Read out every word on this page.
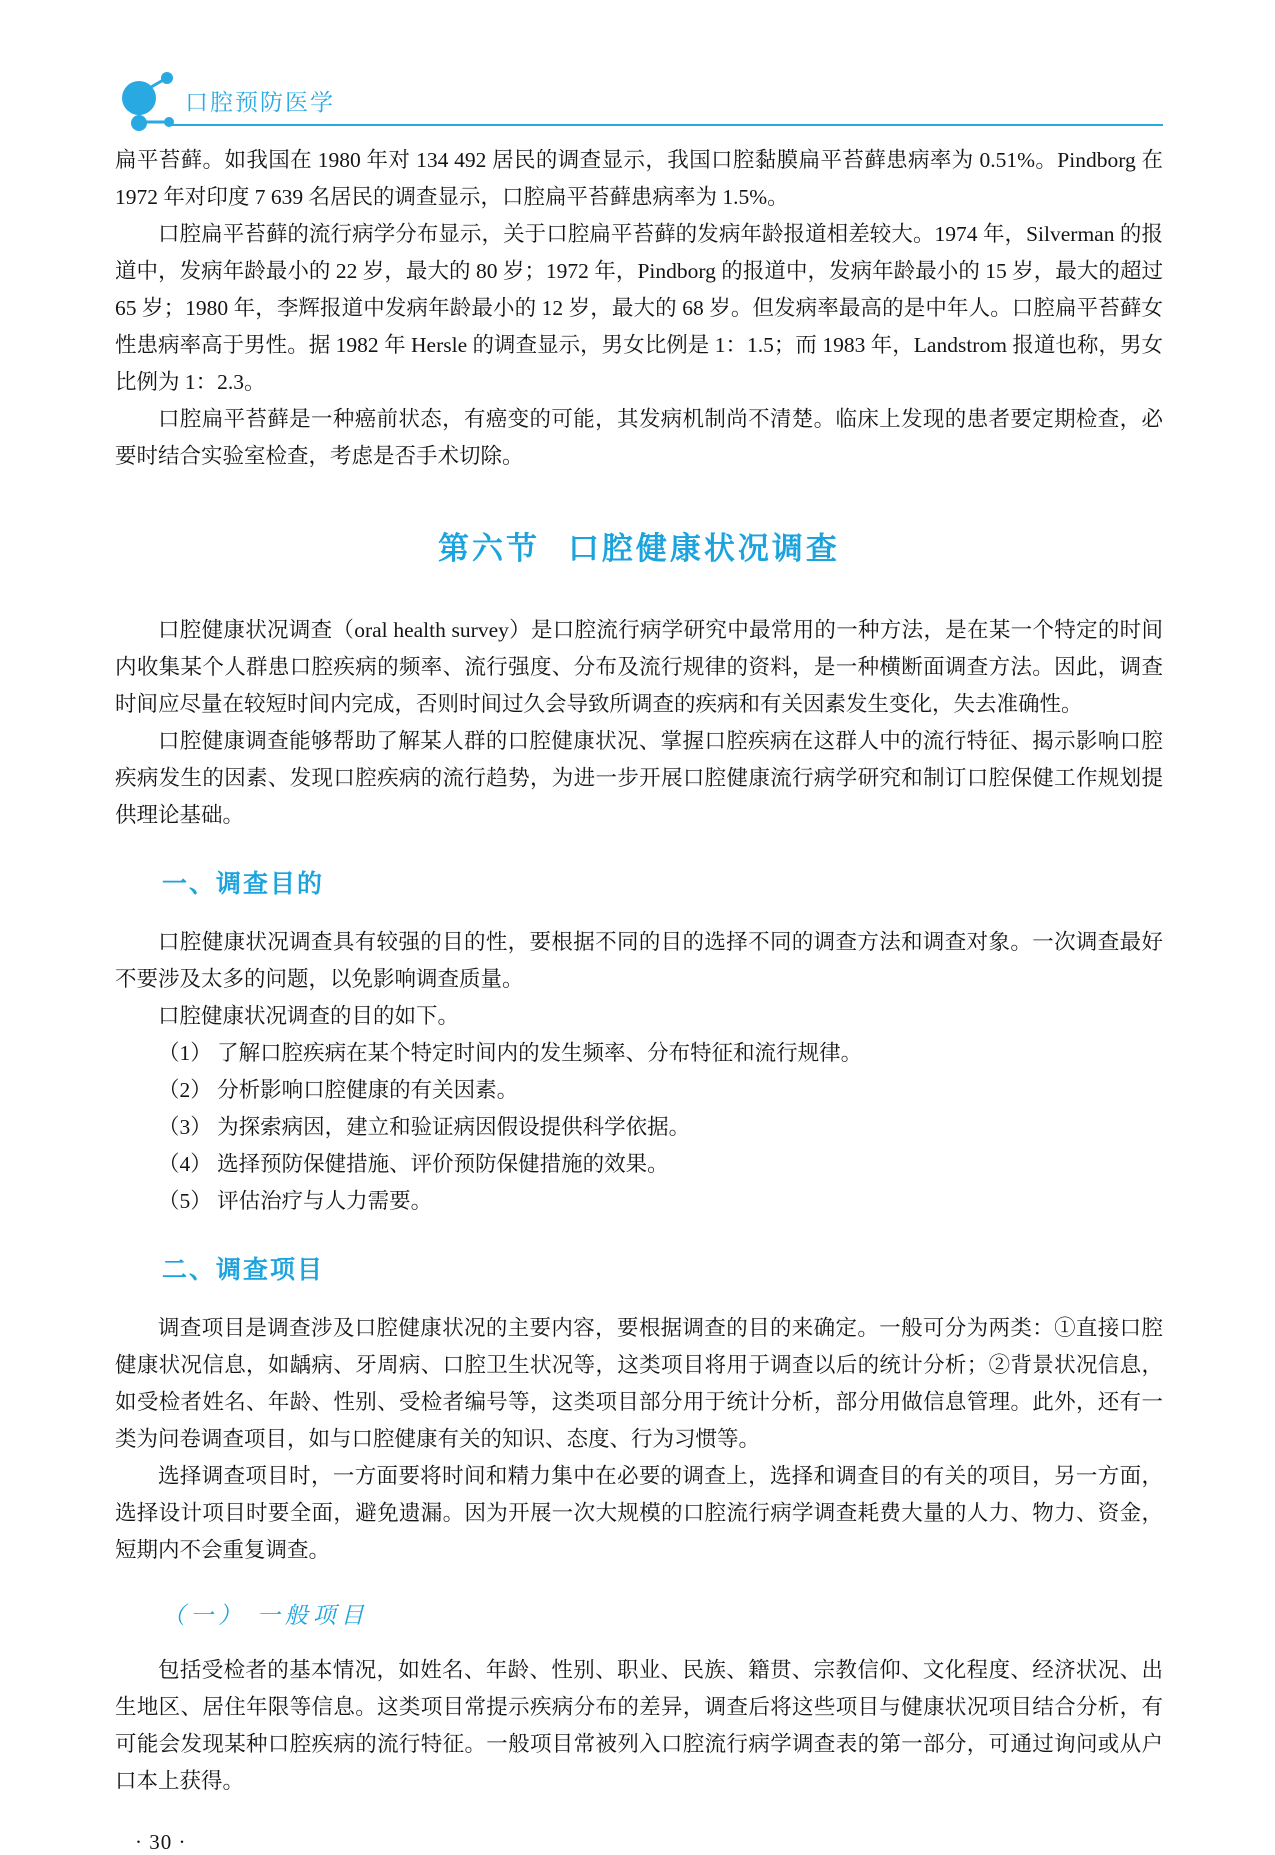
口腔预防医学

扁平苔藓。如我国在 1980 年对 134 492 居民的调查显示，我国口腔黏膜扁平苔藓患病率为 0.51%。Pindborg 在 1972 年对印度 7 639 名居民的调查显示，口腔扁平苔藓患病率为 1.5%。

口腔扁平苔藓的流行病学分布显示，关于口腔扁平苔藓的发病年龄报道相差较大。1974 年，Silverman 的报道中，发病年龄最小的 22 岁，最大的 80 岁；1972 年，Pindborg 的报道中，发病年龄最小的 15 岁，最大的超过 65 岁；1980 年，李辉报道中发病年龄最小的 12 岁，最大的 68 岁。但发病率最高的是中年人。口腔扁平苔藓女性患病率高于男性。据 1982 年 Hersle 的调查显示，男女比例是 1：1.5；而 1983 年，Landstrom 报道也称，男女比例为 1：2.3。

口腔扁平苔藓是一种癌前状态，有癌变的可能，其发病机制尚不清楚。临床上发现的患者要定期检查，必要时结合实验室检查，考虑是否手术切除。

第六节 口腔健康状况调查

口腔健康状况调查（oral health survey）是口腔流行病学研究中最常用的一种方法，是在某一个特定的时间内收集某个人群患口腔疾病的频率、流行强度、分布及流行规律的资料，是一种横断面调查方法。因此，调查时间应尽量在较短时间内完成，否则时间过久会导致所调查的疾病和有关因素发生变化，失去准确性。

口腔健康调查能够帮助了解某人群的口腔健康状况、掌握口腔疾病在这群人中的流行特征、揭示影响口腔疾病发生的因素、发现口腔疾病的流行趋势，为进一步开展口腔健康流行病学研究和制订口腔保健工作规划提供理论基础。

一、调查目的

口腔健康状况调查具有较强的目的性，要根据不同的目的选择不同的调查方法和调查对象。一次调查最好不要涉及太多的问题，以免影响调查质量。

口腔健康状况调查的目的如下。

（1） 了解口腔疾病在某个特定时间内的发生频率、分布特征和流行规律。
（2） 分析影响口腔健康的有关因素。
（3） 为探索病因，建立和验证病因假设提供科学依据。
（4） 选择预防保健措施、评价预防保健措施的效果。
（5） 评估治疗与人力需要。
二、调查项目

调查项目是调查涉及口腔健康状况的主要内容，要根据调查的目的来确定。一般可分为两类：①直接口腔健康状况信息，如龋病、牙周病、口腔卫生状况等，这类项目将用于调查以后的统计分析；②背景状况信息，如受检者姓名、年龄、性别、受检者编号等，这类项目部分用于统计分析，部分用做信息管理。此外，还有一类为问卷调查项目，如与口腔健康有关的知识、态度、行为习惯等。

选择调查项目时，一方面要将时间和精力集中在必要的调查上，选择和调查目的有关的项目，另一方面，选择设计项目时要全面，避免遗漏。因为开展一次大规模的口腔流行病学调查耗费大量的人力、物力、资金，短期内不会重复调查。

（一） 一般项目

包括受检者的基本情况，如姓名、年龄、性别、职业、民族、籍贯、宗教信仰、文化程度、经济状况、出生地区、居住年限等信息。这类项目常提示疾病分布的差异，调查后将这些项目与健康状况项目结合分析，有可能会发现某种口腔疾病的流行特征。一般项目常被列入口腔流行病学调查表的第一部分，可通过询问或从户口本上获得。

· 30 ·
